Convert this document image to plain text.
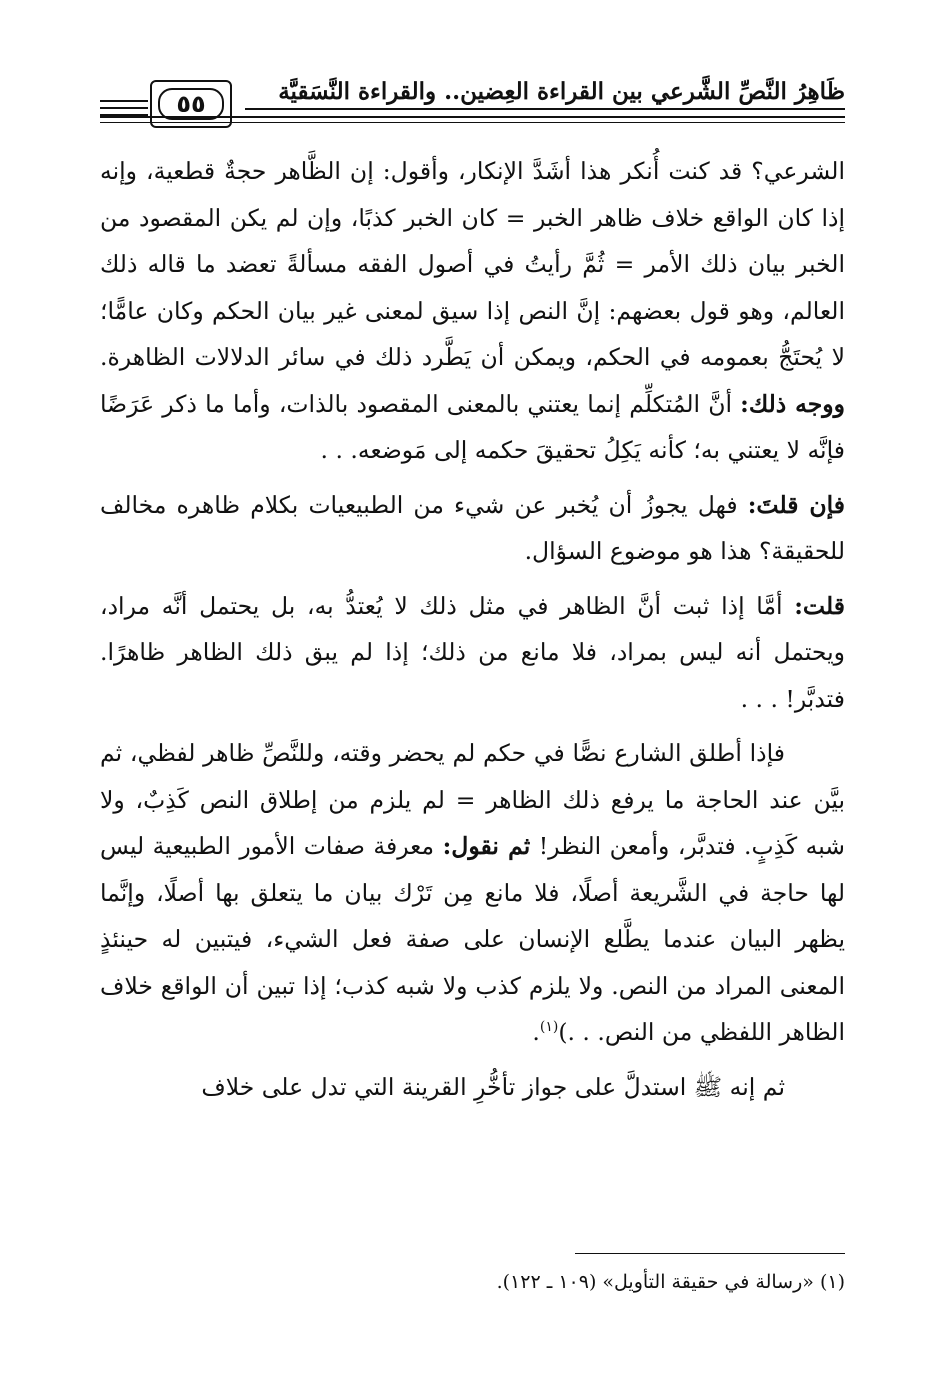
ظَاهِرُ النَّصِّ الشَّرعي بين القراءة العِضين.. والقراءة النَّسَقيَّة
٥٥

الشرعي؟ قد كنت أُنكر هذا أشَدَّ الإنكار، وأقول: إن الظَّاهر حجةٌ قطعية، وإنه إذا كان الواقع خلاف ظاهر الخبر = كان الخبر كذبًا، وإن لم يكن المقصود من الخبر بيان ذلك الأمر = ثُمَّ رأيتُ في أصول الفقه مسألةً تعضد ما قاله ذلك العالم، وهو قول بعضهم: إنَّ النص إذا سيق لمعنى غير بيان الحكم وكان عامًّا؛ لا يُحتَجُّ بعمومه في الحكم، ويمكن أن يَطَّرد ذلك في سائر الدلالات الظاهرة. ووجه ذلك: أنَّ المُتكلِّم إنما يعتني بالمعنى المقصود بالذات، وأما ما ذكر عَرَضًا فإنَّه لا يعتني به؛ كأنه يَكِلُ تحقيقَ حكمه إلى مَوضعه. . .

فإن قلتَ: فهل يجوزُ أن يُخبر عن شيء من الطبيعيات بكلام ظاهره مخالف للحقيقة؟ هذا هو موضوع السؤال.

قلت: أمَّا إذا ثبت أنَّ الظاهر في مثل ذلك لا يُعتدُّ به، بل يحتمل أنَّه مراد، ويحتمل أنه ليس بمراد، فلا مانع من ذلك؛ إذا لم يبق ذلك الظاهر ظاهرًا. فتدبَّر! . . .

فإذا أطلق الشارع نصًّا في حكم لم يحضر وقته، وللنَّصِّ ظاهر لفظي، ثم بيَّن عند الحاجة ما يرفع ذلك الظاهر = لم يلزم من إطلاق النص كَذِبٌ، ولا شبه كَذِبٍ. فتدبَّر، وأمعن النظر! ثم نقول: معرفة صفات الأمور الطبيعية ليس لها حاجة في الشَّريعة أصلًا، فلا مانع مِن تَرْك بيان ما يتعلق بها أصلًا، وإنَّما يظهر البيان عندما يطَّلع الإنسان على صفة فعل الشيء، فيتبين له حينئذٍ المعنى المراد من النص. ولا يلزم كذب ولا شبه كذب؛ إذا تبين أن الواقع خلاف الظاهر اللفظي من النص. . .)$^{(١)}$.

ثم إنه ﷺ استدلَّ على جواز تأخُّرِ القرينة التي تدل على خلاف

(١) «رسالة في حقيقة التأويل» (١٠٩ ـ ١٢٢).
